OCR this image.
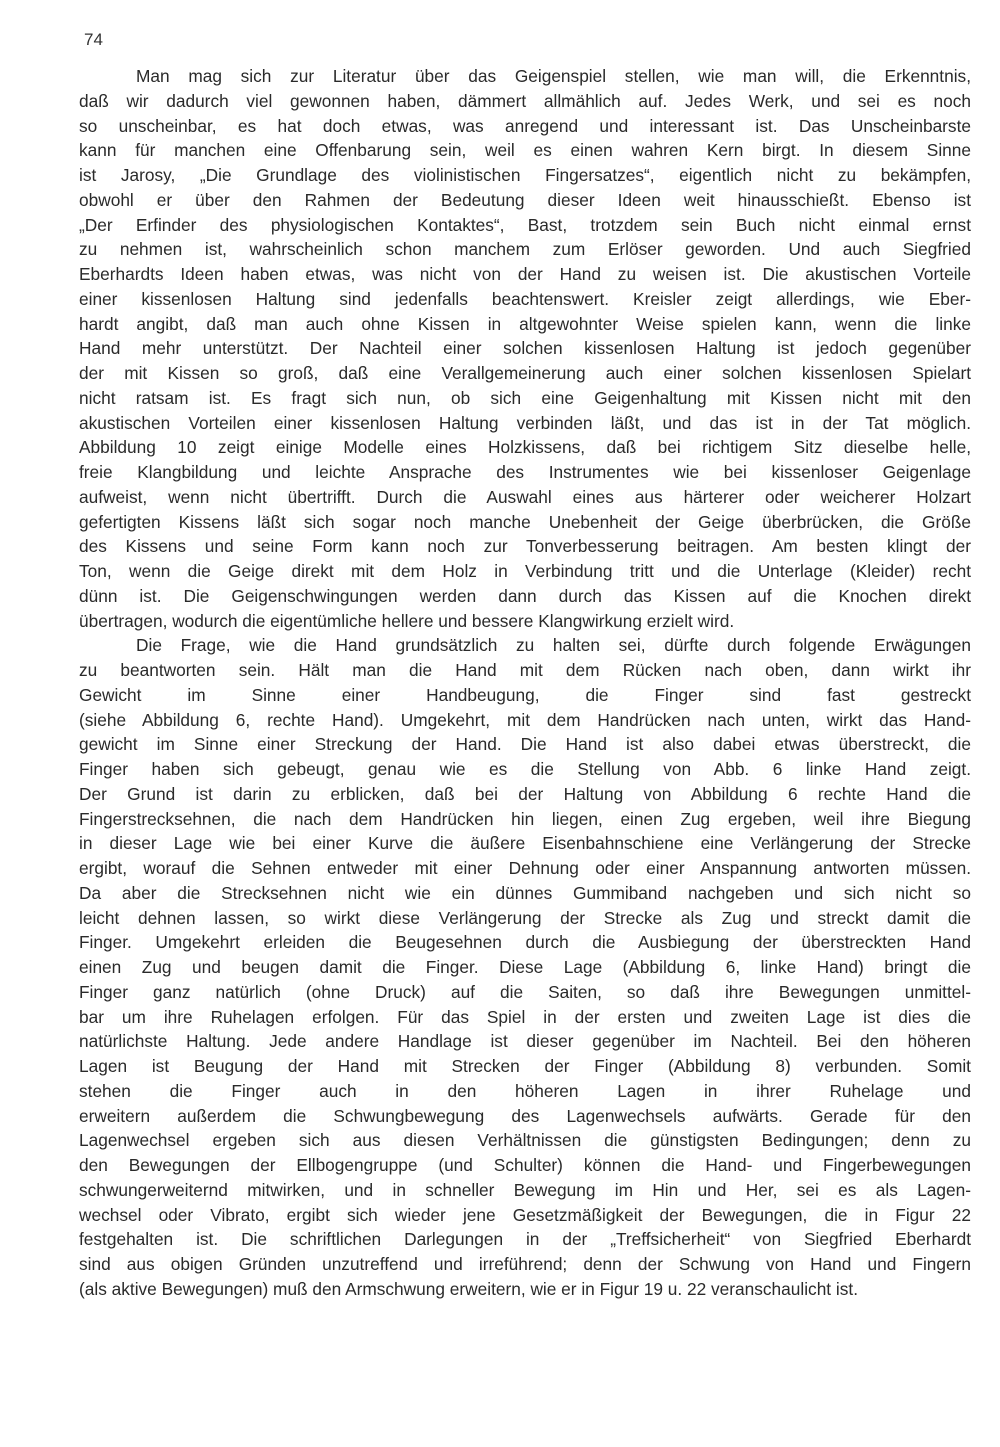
74
Man mag sich zur Literatur über das Geigenspiel stellen, wie man will, die Erkenntnis,
daß wir dadurch viel gewonnen haben, dämmert allmählich auf. Jedes Werk, und sei es noch
so unscheinbar, es hat doch etwas, was anregend und interessant ist. Das Unscheinbarste
kann für manchen eine Offenbarung sein, weil es einen wahren Kern birgt. In diesem Sinne
ist Jarosy, „Die Grundlage des violinistischen Fingersatzes“, eigentlich nicht zu bekämpfen,
obwohl er über den Rahmen der Bedeutung dieser Ideen weit hinausschießt. Ebenso ist
„Der Erfinder des physiologischen Kontaktes“, Bast, trotzdem sein Buch nicht einmal ernst
zu nehmen ist, wahrscheinlich schon manchem zum Erlöser geworden. Und auch Siegfried
Eberhardts Ideen haben etwas, was nicht von der Hand zu weisen ist. Die akustischen Vorteile
einer kissenlosen Haltung sind jedenfalls beachtenswert. Kreisler zeigt allerdings, wie Eber-
hardt angibt, daß man auch ohne Kissen in altgewohnter Weise spielen kann, wenn die linke
Hand mehr unterstützt. Der Nachteil einer solchen kissenlosen Haltung ist jedoch gegenüber
der mit Kissen so groß, daß eine Verallgemeinerung auch einer solchen kissenlosen Spielart
nicht ratsam ist. Es fragt sich nun, ob sich eine Geigenhaltung mit Kissen nicht mit den
akustischen Vorteilen einer kissenlosen Haltung verbinden läßt, und das ist in der Tat möglich.
Abbildung 10 zeigt einige Modelle eines Holzkissens, daß bei richtigem Sitz dieselbe helle,
freie Klangbildung und leichte Ansprache des Instrumentes wie bei kissenloser Geigenlage
aufweist, wenn nicht übertrifft. Durch die Auswahl eines aus härterer oder weicherer Holzart
gefertigten Kissens läßt sich sogar noch manche Unebenheit der Geige überbrücken, die Größe
des Kissens und seine Form kann noch zur Tonverbesserung beitragen. Am besten klingt der
Ton, wenn die Geige direkt mit dem Holz in Verbindung tritt und die Unterlage (Kleider) recht
dünn ist. Die Geigenschwingungen werden dann durch das Kissen auf die Knochen direkt
übertragen, wodurch die eigentümliche hellere und bessere Klangwirkung erzielt wird.
Die Frage, wie die Hand grundsätzlich zu halten sei, dürfte durch folgende Erwägungen
zu beantworten sein. Hält man die Hand mit dem Rücken nach oben, dann wirkt ihr
Gewicht im Sinne einer Handbeugung, die Finger sind fast gestreckt
(siehe Abbildung 6, rechte Hand). Umgekehrt, mit dem Handrücken nach unten, wirkt das Hand-
gewicht im Sinne einer Streckung der Hand. Die Hand ist also dabei etwas überstreckt, die
Finger haben sich gebeugt, genau wie es die Stellung von Abb. 6 linke Hand zeigt.
Der Grund ist darin zu erblicken, daß bei der Haltung von Abbildung 6 rechte Hand die
Fingerstrecksehnen, die nach dem Handrücken hin liegen, einen Zug ergeben, weil ihre Biegung
in dieser Lage wie bei einer Kurve die äußere Eisenbahnschiene eine Verlängerung der Strecke
ergibt, worauf die Sehnen entweder mit einer Dehnung oder einer Anspannung antworten müssen.
Da aber die Strecksehnen nicht wie ein dünnes Gummiband nachgeben und sich nicht so
leicht dehnen lassen, so wirkt diese Verlängerung der Strecke als Zug und streckt damit die
Finger. Umgekehrt erleiden die Beugesehnen durch die Ausbiegung der überstreckten Hand
einen Zug und beugen damit die Finger. Diese Lage (Abbildung 6, linke Hand) bringt die
Finger ganz natürlich (ohne Druck) auf die Saiten, so daß ihre Bewegungen unmittel-
bar um ihre Ruhelagen erfolgen. Für das Spiel in der ersten und zweiten Lage ist dies die
natürlichste Haltung. Jede andere Handlage ist dieser gegenüber im Nachteil. Bei den höheren
Lagen ist Beugung der Hand mit Strecken der Finger (Abbildung 8) verbunden. Somit
stehen die Finger auch in den höheren Lagen in ihrer Ruhelage und
erweitern außerdem die Schwungbewegung des Lagenwechsels aufwärts. Gerade für den
Lagenwechsel ergeben sich aus diesen Verhältnissen die günstigsten Bedingungen; denn zu
den Bewegungen der Ellbogengruppe (und Schulter) können die Hand- und Fingerbewegungen
schwungerweiternd mitwirken, und in schneller Bewegung im Hin und Her, sei es als Lagen-
wechsel oder Vibrato, ergibt sich wieder jene Gesetzmäßigkeit der Bewegungen, die in Figur 22
festgehalten ist. Die schriftlichen Darlegungen in der „Treffsicherheit“ von Siegfried Eberhardt
sind aus obigen Gründen unzutreffend und irreführend; denn der Schwung von Hand und Fingern
(als aktive Bewegungen) muß den Armschwung erweitern, wie er in Figur 19 u. 22 veranschaulicht ist.
